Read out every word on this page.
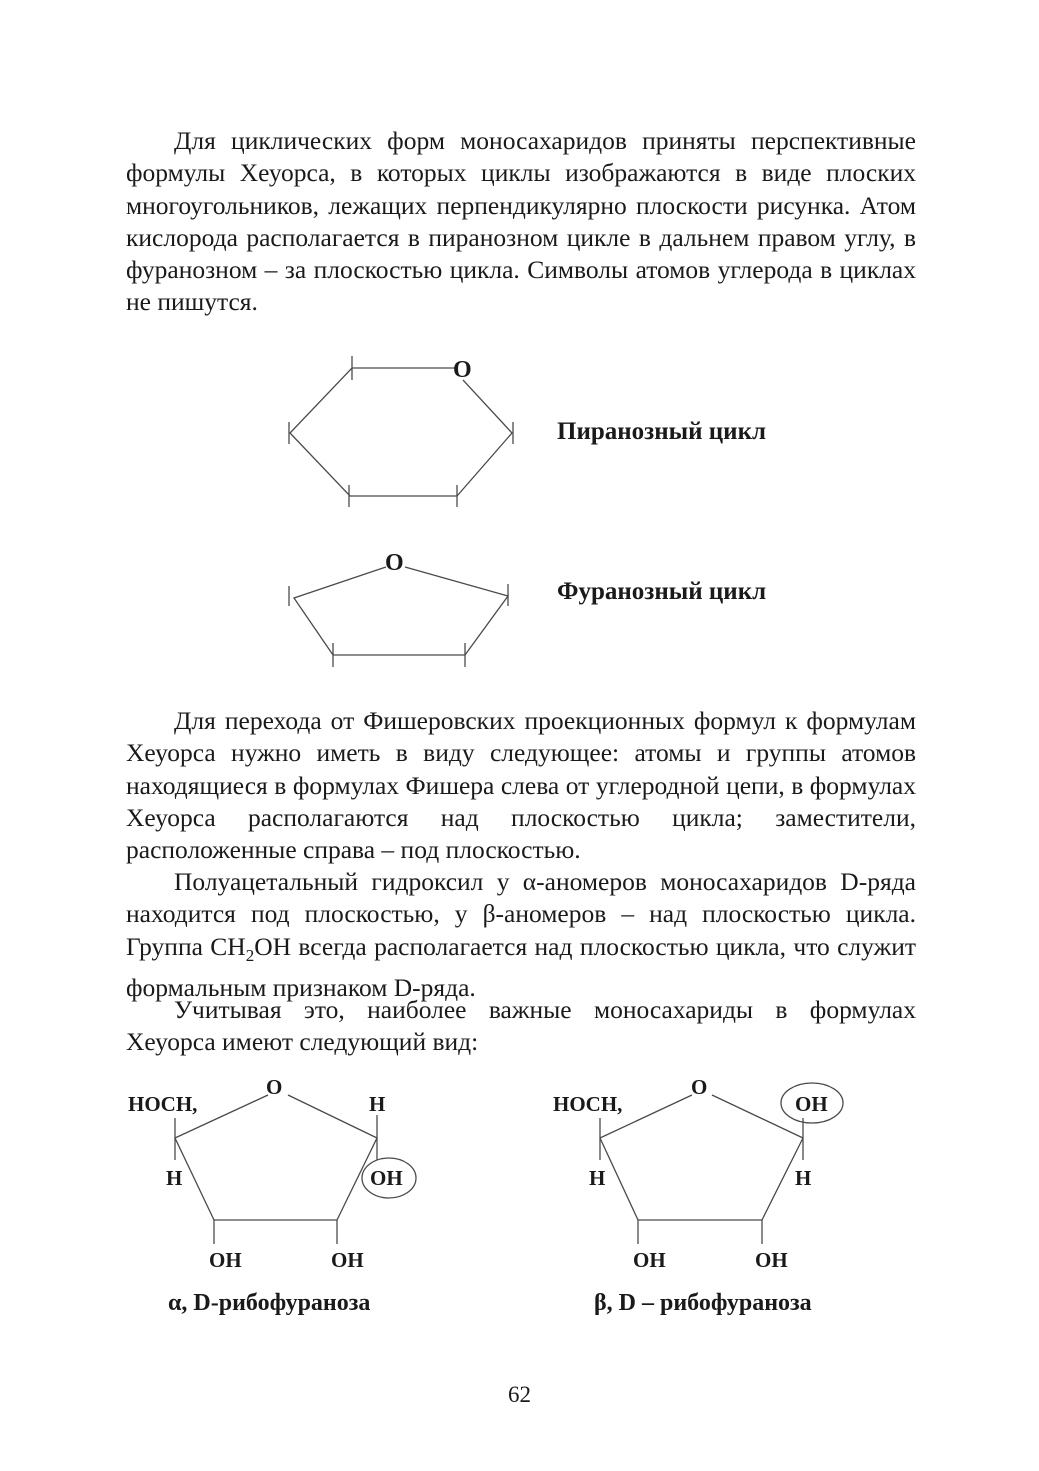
Для циклических форм моносахаридов приняты перспективные формулы Хеуорса, в которых циклы изображаются в виде плоских многоугольников, лежащих перпендикулярно плоскости рисунка. Атом кислорода располагается в пиранозном цикле в дальнем правом углу, в фуранозном – за плоскостью цикла. Символы атомов углерода в циклах не пишутся.

O
O
O
HOCH,
H
H
OH
OH	OH
O
HOCH,
H
OH
H
OH	OH
Пиранозный цикл
Фуранозный цикл

Для перехода от Фишеровских проекционных формул к формулам Хеуорса нужно иметь в виду следующее: атомы и группы атомов находящиеся в формулах Фишера слева от углеродной цепи, в формулах Хеуорса располагаются над плоскостью цикла; заместители, расположенные справа – под плоскостью.

Полуацетальный гидроксил у α-аномеров моносахаридов D-ряда находится под плоскостью, у β-аномеров – над плоскостью цикла. Группа $CH_2OH$ всегда располагается над плоскостью цикла, что служит формальным признаком D-ряда.

Учитывая это, наиболее важные моносахариды в формулах Хеуорса имеют следующий вид:

α, D-рибофураноза	β, D – рибофураноза
62
